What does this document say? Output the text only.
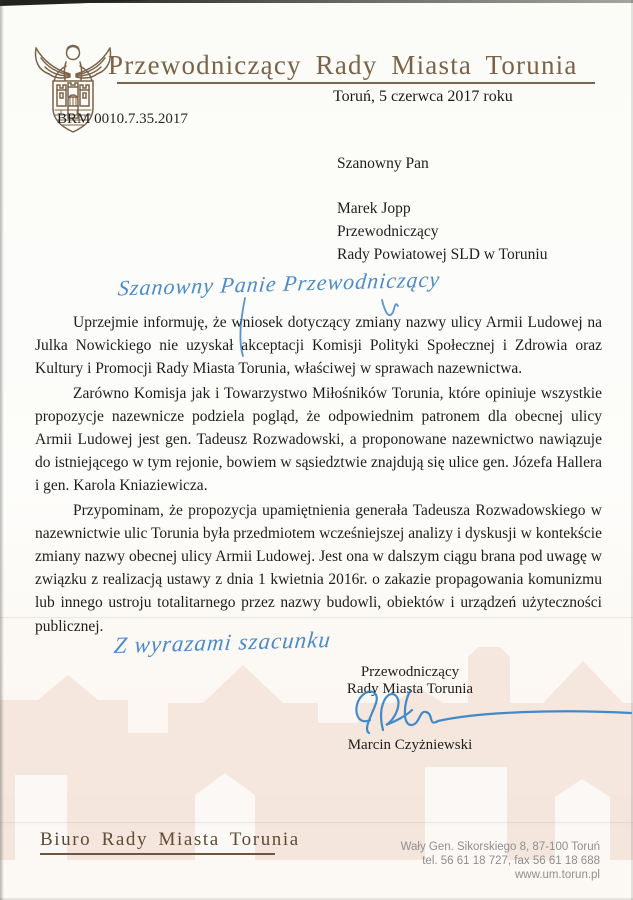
Przewodniczący Rady Miasta Torunia
Toruń, 5 czerwca 2017 roku
BRM 0010.7.35.2017
Szanowny Pan
Marek Jopp
Przewodniczący
Rady Powiatowej SLD w Toruniu
Szanowny Panie Przewodniczący

Uprzejmie informuję, że wniosek dotyczący zmiany nazwy ulicy Armii Ludowej na Julka Nowickiego nie uzyskał akceptacji Komisji Polityki Społecznej i Zdrowia oraz Kultury i Promocji Rady Miasta Torunia, właściwej w sprawach nazewnictwa.

Zarówno Komisja jak i Towarzystwo Miłośników Torunia, które opiniuje wszystkie propozycje nazewnicze podziela pogląd, że odpowiednim patronem dla obecnej ulicy Armii Ludowej jest gen. Tadeusz Rozwadowski, a proponowane nazewnictwo nawiązuje do istniejącego w tym rejonie, bowiem w sąsiedztwie znajdują się ulice gen. Józefa Hallera i gen. Karola Kniaziewicza.

Przypominam, że propozycja upamiętnienia generała Tadeusza Rozwadowskiego w nazewnictwie ulic Torunia była przedmiotem wcześniejszej analizy i dyskusji w kontekście zmiany nazwy obecnej ulicy Armii Ludowej. Jest ona w dalszym ciągu brana pod uwagę w związku z realizacją ustawy z dnia 1 kwietnia 2016r. o zakazie propagowania komunizmu lub innego ustroju totalitarnego przez nazwy budowli, obiektów i urządzeń użyteczności publicznej.

Z wyrazami szacunku
Przewodniczący
Rady Miasta Torunia
Marcin Czyżniewski
Biuro Rady Miasta Torunia	Wały Gen. Sikorskiego 8, 87-100 Toruń
tel. 56 61 18 727, fax 56 61 18 688
www.um.torun.pl
